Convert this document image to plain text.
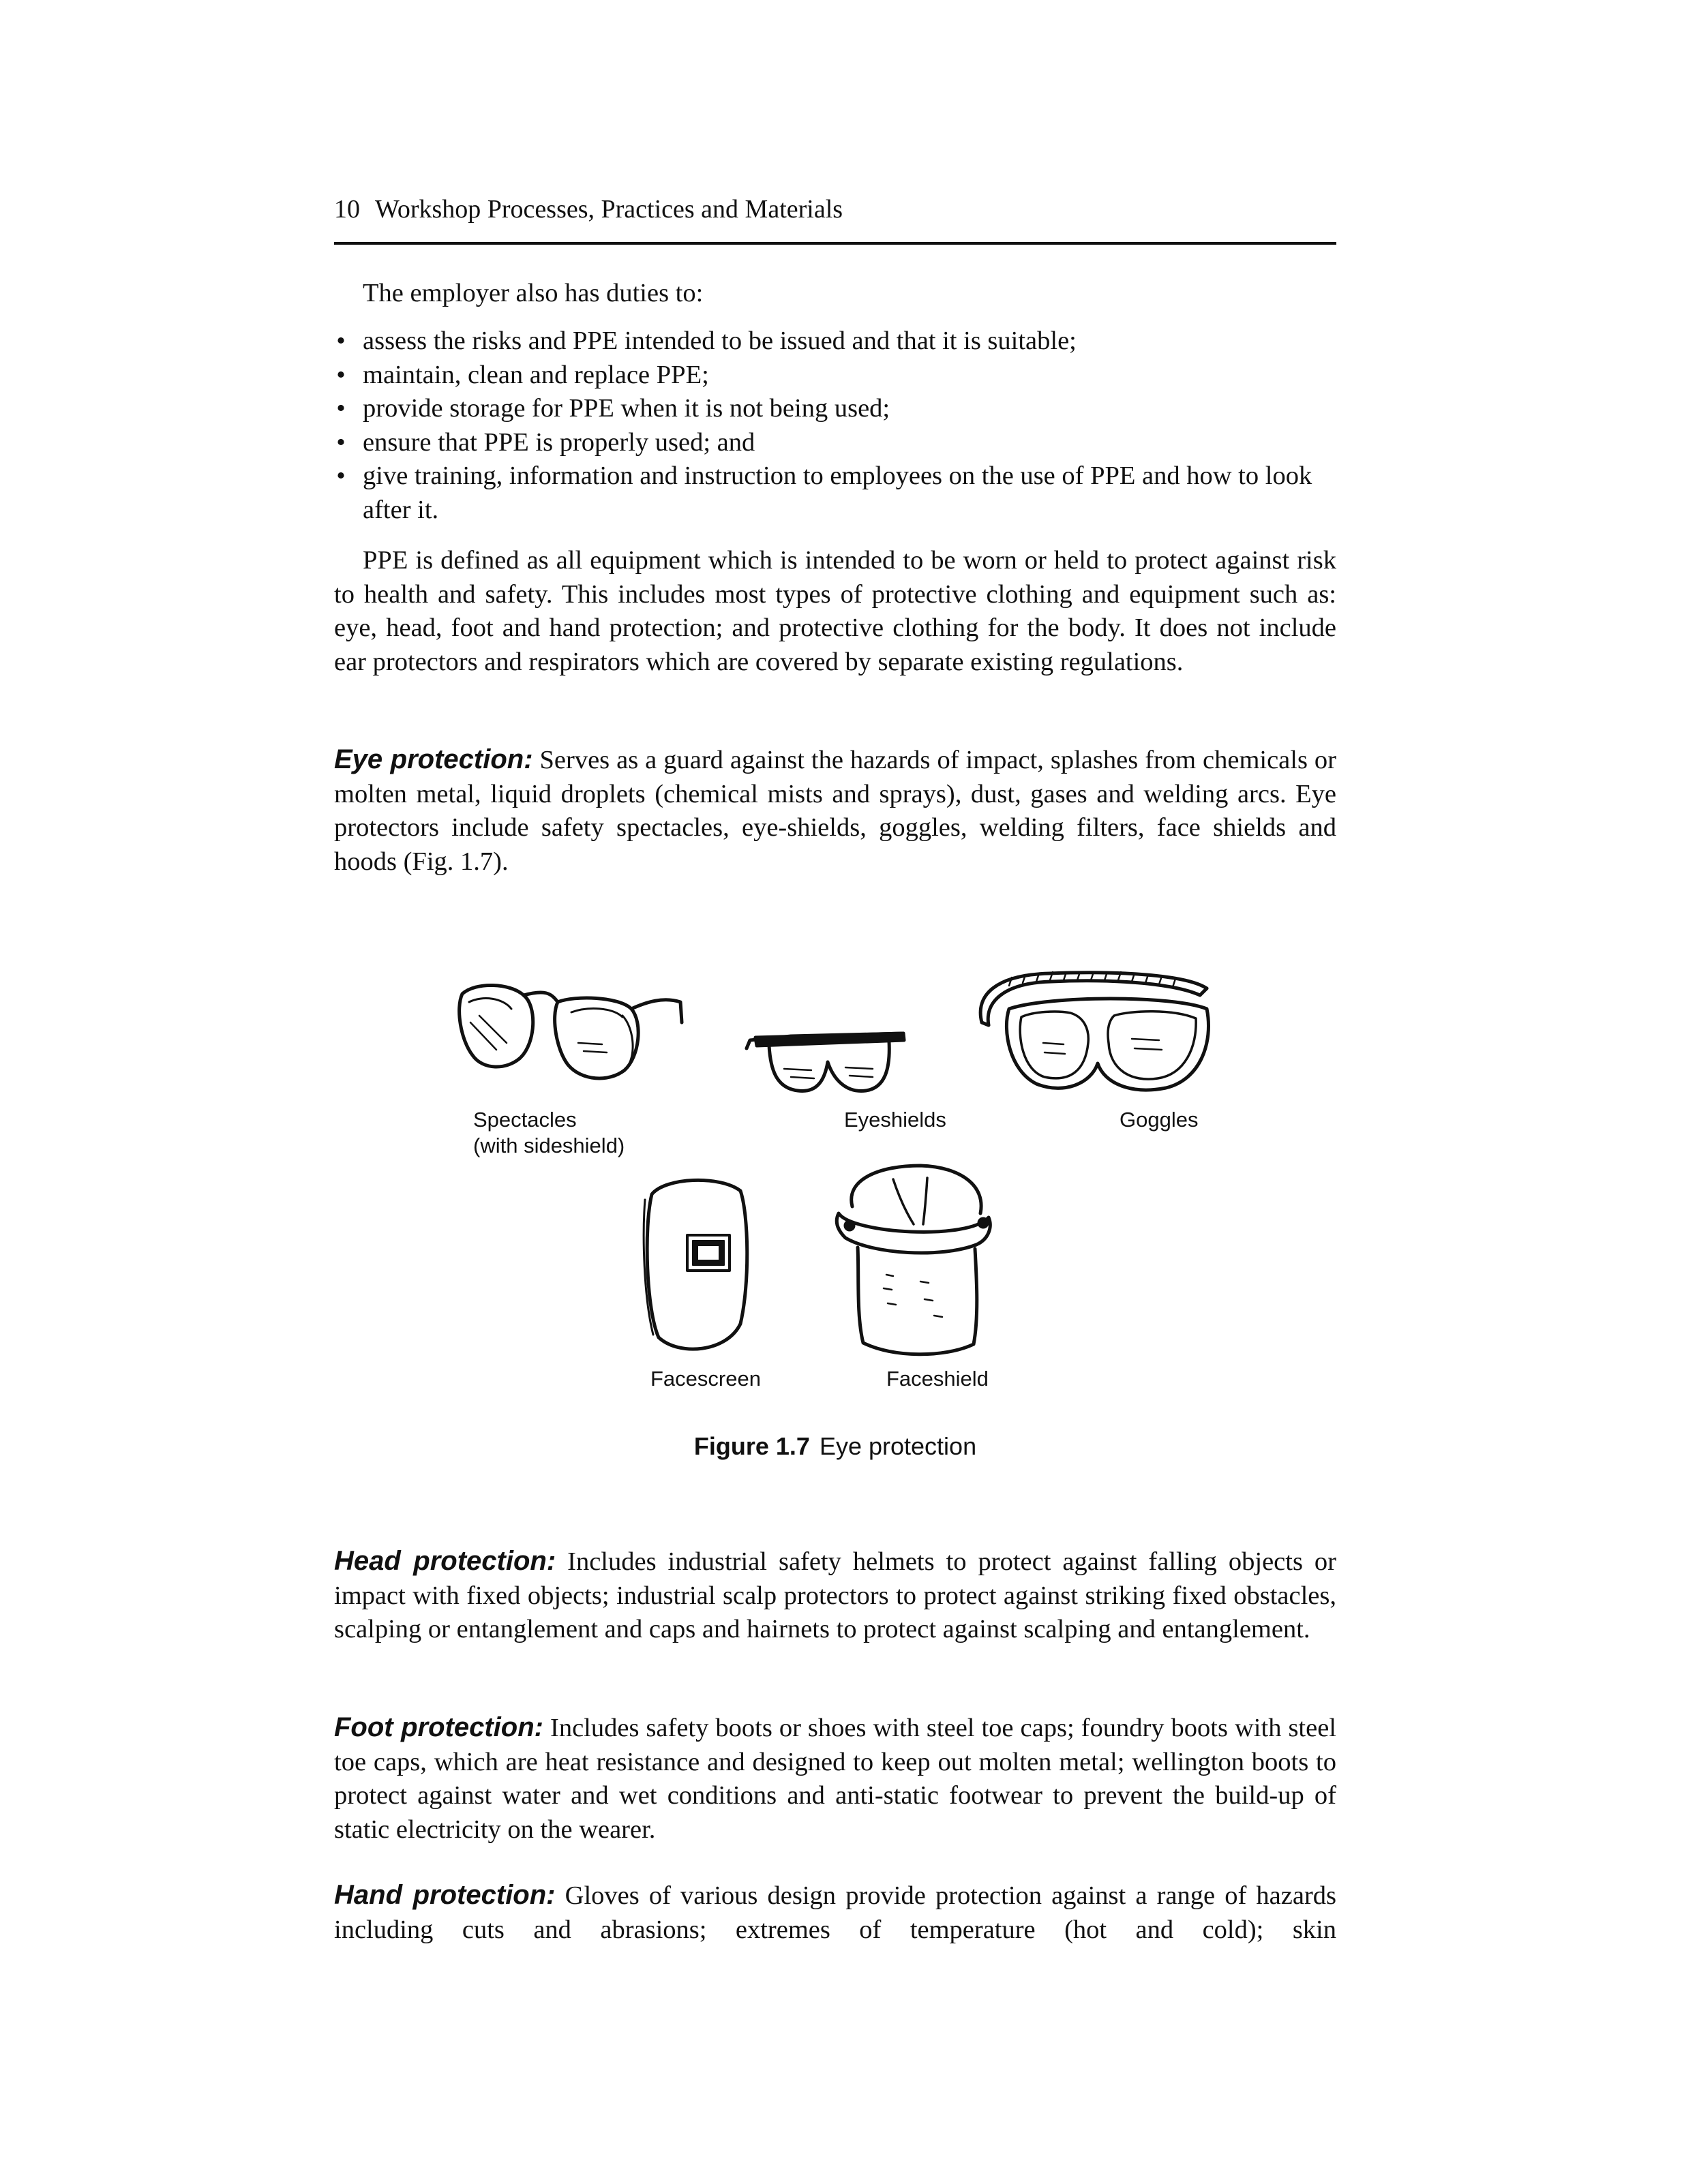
10 Workshop Processes, Practices and Materials

The employer also has duties to:

• assess the risks and PPE intended to be issued and that it is suitable;
• maintain, clean and replace PPE;
• provide storage for PPE when it is not being used;
• ensure that PPE is properly used; and
• give training, information and instruction to employees on the use of PPE and how to look after it.

PPE is defined as all equipment which is intended to be worn or held to protect against risk to health and safety. This includes most types of protective clothing and equipment such as: eye, head, foot and hand protection; and protective clothing for the body. It does not include ear protectors and respirators which are covered by separate existing regulations.

Eye protection: Serves as a guard against the hazards of impact, splashes from chemicals or molten metal, liquid droplets (chemical mists and sprays), dust, gases and welding arcs. Eye protectors include safety spectacles, eye-shields, goggles, welding filters, face shields and hoods (Fig. 1.7).

Spectacles
(with sideshield)
Eyeshields	Goggles
Facescreen	Faceshield
Figure 1.7 Eye protection

Head protection: Includes industrial safety helmets to protect against falling objects or impact with fixed objects; industrial scalp protectors to protect against striking fixed obstacles, scalping or entanglement and caps and hairnets to protect against scalping and entanglement.

Foot protection: Includes safety boots or shoes with steel toe caps; foundry boots with steel toe caps, which are heat resistance and designed to keep out molten metal; wellington boots to protect against water and wet conditions and anti-static footwear to prevent the build-up of static electricity on the wearer.

Hand protection: Gloves of various design provide protection against a range of hazards including cuts and abrasions; extremes of temperature (hot and cold); skin
